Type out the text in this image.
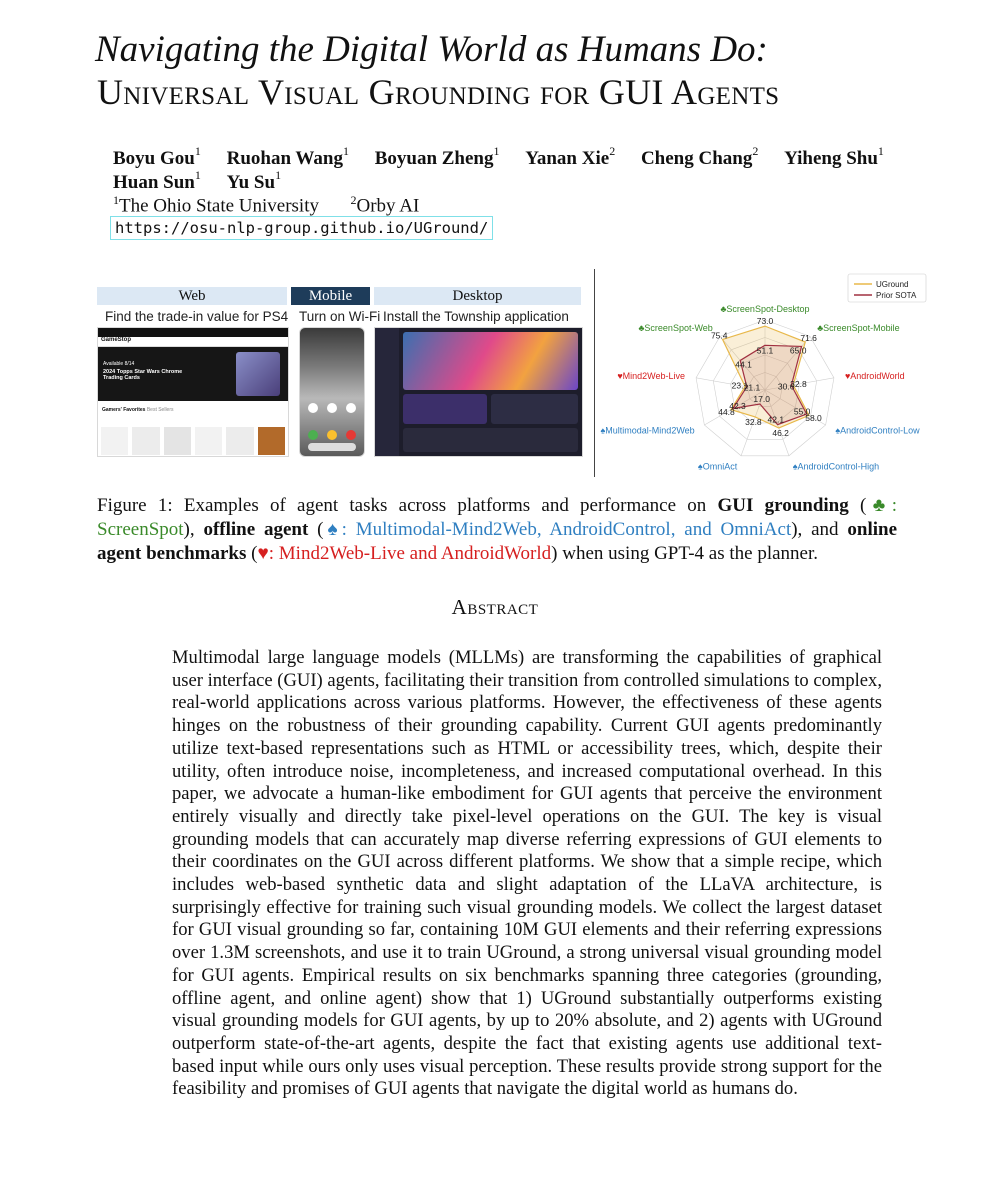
Navigating the Digital World as Humans Do:
Universal Visual Grounding for GUI Agents
Boyu Gou$^1$ Ruohan Wang$^1$ Boyuan Zheng$^1$ Yanan Xie$^2$ Cheng Chang$^2$ Yiheng Shu$^1$
Huan Sun$^1$ Yu Su$^1$
$^1$The Ohio State University	$^2$Orby AI
https://osu-nlp-group.github.io/UGround/
Web	Mobile	Desktop
Find the trade-in value for PS4 Turn on Wi-Fi Install the Township application
GameStop
Available 8/14
2024 Topps Star Wars Chrome Trading Cards
Gamers' Favorites Best Sellers
73.0
71.6
32.8
58.0
46.2
32.8
44.8
23.1
75.4
51.1 65.0
30.6
55.0
42.1
17.0
42.3
21.1
44.1
♣ScreenSpot-Desktop
♣ScreenSpot-Mobile
♥AndroidWorld
♠AndroidControl-Low
♠AndroidControl-High
♠OmniAct
♠Multimodal-Mind2Web
♥Mind2Web-Live
♣ScreenSpot-Web
UGround
Prior SOTA
Figure 1: Examples of agent tasks across platforms and performance on GUI grounding (♣: ScreenSpot), offline agent (♠: Multimodal-Mind2Web, AndroidControl, and OmniAct), and online agent benchmarks (♥: Mind2Web-Live and AndroidWorld) when using GPT-4 as the planner.
Abstract
Multimodal large language models (MLLMs) are transforming the capabilities of graphical user interface (GUI) agents, facilitating their transition from controlled simulations to complex, real-world applications across various platforms. However, the effectiveness of these agents hinges on the robustness of their grounding capability. Current GUI agents predominantly utilize text-based representations such as HTML or accessibility trees, which, despite their utility, often introduce noise, incompleteness, and increased computational overhead. In this paper, we advocate a human-like embodiment for GUI agents that perceive the environment entirely visually and directly take pixel-level operations on the GUI. The key is visual grounding models that can accurately map diverse referring expressions of GUI elements to their coordinates on the GUI across different platforms. We show that a simple recipe, which includes web-based synthetic data and slight adaptation of the LLaVA architecture, is surprisingly effective for training such visual grounding models. We collect the largest dataset for GUI visual grounding so far, containing 10M GUI elements and their referring expressions over 1.3M screenshots, and use it to train UGround, a strong universal visual grounding model for GUI agents. Empirical results on six benchmarks spanning three categories (grounding, offline agent, and online agent) show that 1) UGround substantially outperforms existing visual grounding models for GUI agents, by up to 20% absolute, and 2) agents with UGround outperform state-of-the-art agents, despite the fact that existing agents use additional text-based input while ours only uses visual perception. These results provide strong support for the feasibility and promises of GUI agents that navigate the digital world as humans do.
